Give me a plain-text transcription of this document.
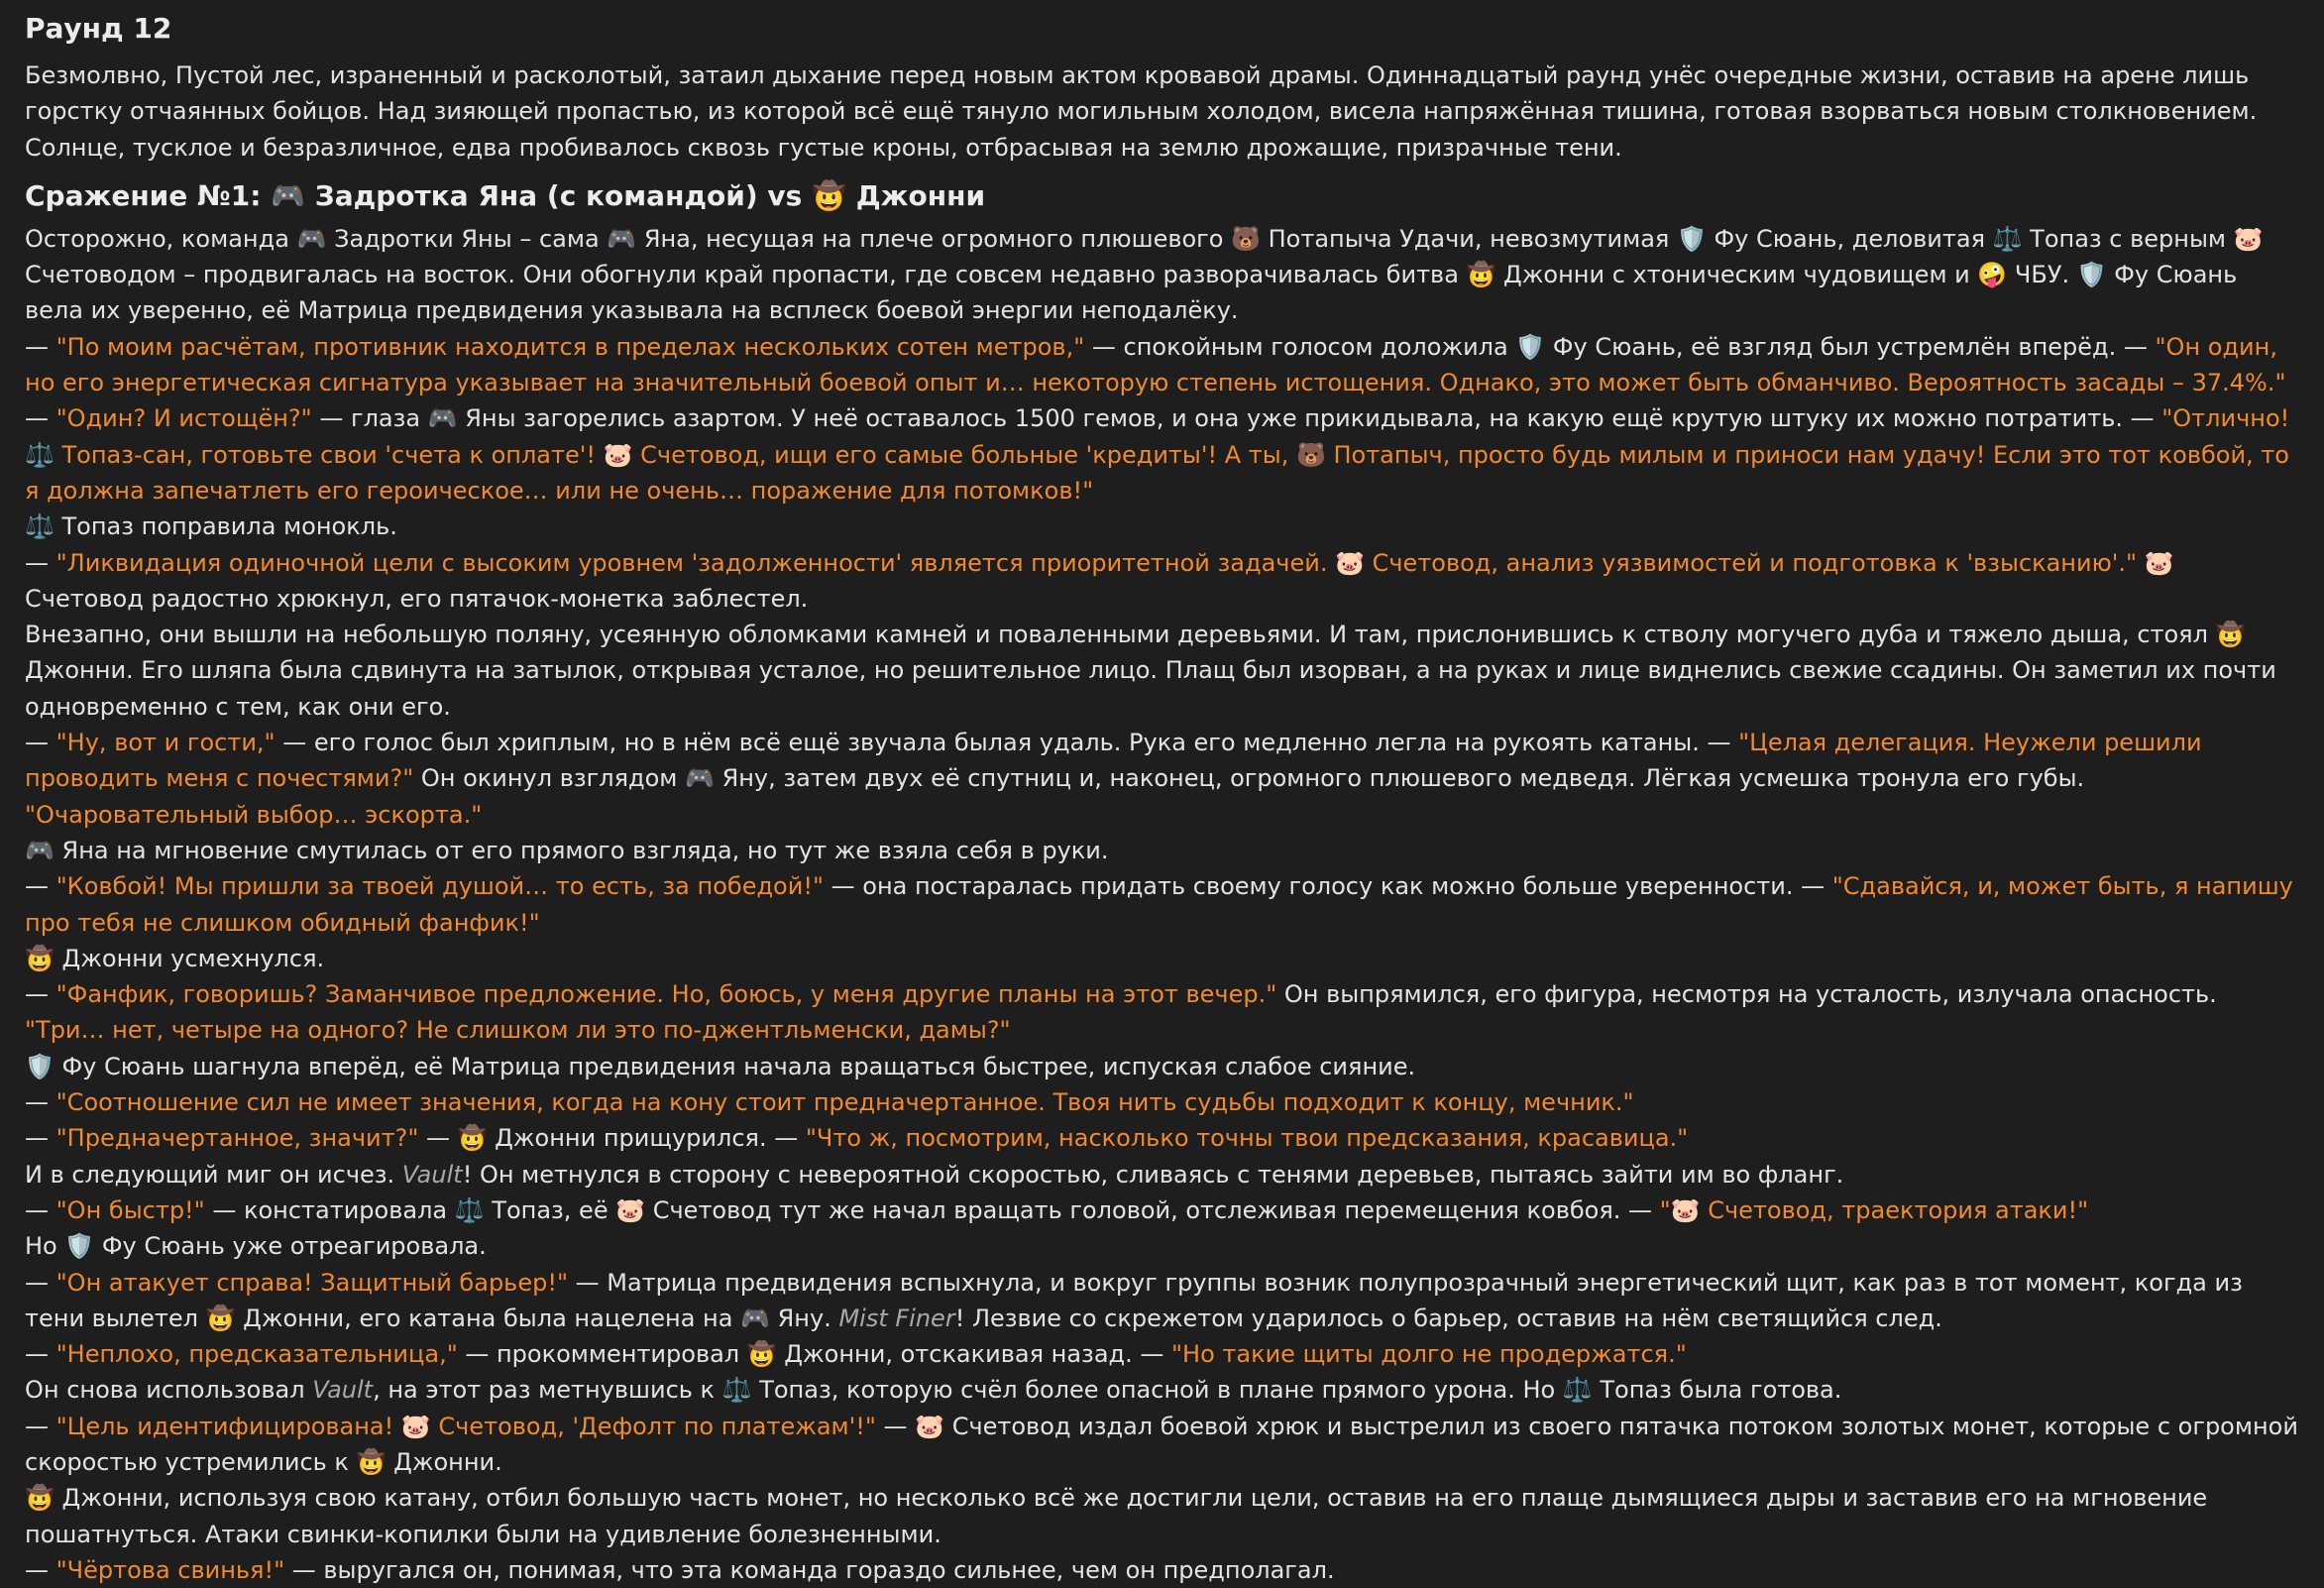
Раунд 12

Безмолвно, Пустой лес, израненный и расколотый, затаил дыхание перед новым актом кровавой драмы. Одиннадцатый раунд унёс очередные жизни, оставив на арене лишь горстку отчаянных бойцов. Над зияющей пропастью, из которой всё ещё тянуло могильным холодом, висела напряжённая тишина, готовая взорваться новым столкновением. Солнце, тусклое и безразличное, едва пробивалось сквозь густые кроны, отбрасывая на землю дрожащие, призрачные тени.

Сражение №1: 🎮 Задротка Яна (с командой) vs 🤠 Джонни
Осторожно, команда 🎮 Задротки Яны – сама 🎮 Яна, несущая на плече огромного плюшевого 🐻 Потапыча Удачи, невозмутимая 🛡️ Фу Сюань, деловитая ⚖️ Топаз с верным 🐷 Счетоводом – продвигалась на восток. Они обогнули край пропасти, где совсем недавно разворачивалась битва 🤠 Джонни с хтоническим чудовищем и 🤪 ЧБУ. 🛡️ Фу Сюань вела их уверенно, её Матрица предвидения указывала на всплеск боевой энергии неподалёку.
— "По моим расчётам, противник находится в пределах нескольких сотен метров," — спокойным голосом доложила 🛡️ Фу Сюань, её взгляд был устремлён вперёд. — "Он один, но его энергетическая сигнатура указывает на значительный боевой опыт и… некоторую степень истощения. Однако, это может быть обманчиво. Вероятность засады – 37.4%."
— "Один? И истощён?" — глаза 🎮 Яны загорелись азартом. У неё оставалось 1500 гемов, и она уже прикидывала, на какую ещё крутую штуку их можно потратить. — "Отлично! ⚖️ Топаз-сан, готовьте свои 'счета к оплате'! 🐷 Счетовод, ищи его самые больные 'кредиты'! А ты, 🐻 Потапыч, просто будь милым и приноси нам удачу! Если это тот ковбой, то я должна запечатлеть его героическое… или не очень… поражение для потомков!"
⚖️ Топаз поправила монокль.
— "Ликвидация одиночной цели с высоким уровнем 'задолженности' является приоритетной задачей. 🐷 Счетовод, анализ уязвимостей и подготовка к 'взысканию'." 🐷 Счетовод радостно хрюкнул, его пятачок-монетка заблестел.
Внезапно, они вышли на небольшую поляну, усеянную обломками камней и поваленными деревьями. И там, прислонившись к стволу могучего дуба и тяжело дыша, стоял 🤠 Джонни. Его шляпа была сдвинута на затылок, открывая усталое, но решительное лицо. Плащ был изорван, а на руках и лице виднелись свежие ссадины. Он заметил их почти одновременно с тем, как они его.
— "Ну, вот и гости," — его голос был хриплым, но в нём всё ещё звучала былая удаль. Рука его медленно легла на рукоять катаны. — "Целая делегация. Неужели решили проводить меня с почестями?" Он окинул взглядом 🎮 Яну, затем двух её спутниц и, наконец, огромного плюшевого медведя. Лёгкая усмешка тронула его губы. "Очаровательный выбор… эскорта."
🎮 Яна на мгновение смутилась от его прямого взгляда, но тут же взяла себя в руки.
— "Ковбой! Мы пришли за твоей душой… то есть, за победой!" — она постаралась придать своему голосу как можно больше уверенности. — "Сдавайся, и, может быть, я напишу про тебя не слишком обидный фанфик!"
🤠 Джонни усмехнулся.
— "Фанфик, говоришь? Заманчивое предложение. Но, боюсь, у меня другие планы на этот вечер." Он выпрямился, его фигура, несмотря на усталость, излучала опасность. "Три… нет, четыре на одного? Не слишком ли это по-джентльменски, дамы?"
🛡️ Фу Сюань шагнула вперёд, её Матрица предвидения начала вращаться быстрее, испуская слабое сияние.
— "Соотношение сил не имеет значения, когда на кону стоит предначертанное. Твоя нить судьбы подходит к концу, мечник."
— "Предначертанное, значит?" — 🤠 Джонни прищурился. — "Что ж, посмотрим, насколько точны твои предсказания, красавица."
И в следующий миг он исчез. Vault! Он метнулся в сторону с невероятной скоростью, сливаясь с тенями деревьев, пытаясь зайти им во фланг.
— "Он быстр!" — констатировала ⚖️ Топаз, её 🐷 Счетовод тут же начал вращать головой, отслеживая перемещения ковбоя. — "🐷 Счетовод, траектория атаки!"
Но 🛡️ Фу Сюань уже отреагировала.
— "Он атакует справа! Защитный барьер!" — Матрица предвидения вспыхнула, и вокруг группы возник полупрозрачный энергетический щит, как раз в тот момент, когда из тени вылетел 🤠 Джонни, его катана была нацелена на 🎮 Яну. Mist Finer! Лезвие со скрежетом ударилось о барьер, оставив на нём светящийся след.
— "Неплохо, предсказательница," — прокомментировал 🤠 Джонни, отскакивая назад. — "Но такие щиты долго не продержатся."
Он снова использовал Vault, на этот раз метнувшись к ⚖️ Топаз, которую счёл более опасной в плане прямого урона. Но ⚖️ Топаз была готова.
— "Цель идентифицирована! 🐷 Счетовод, 'Дефолт по платежам'!" — 🐷 Счетовод издал боевой хрюк и выстрелил из своего пятачка потоком золотых монет, которые с огромной скоростью устремились к 🤠 Джонни.
🤠 Джонни, используя свою катану, отбил большую часть монет, но несколько всё же достигли цели, оставив на его плаще дымящиеся дыры и заставив его на мгновение пошатнуться. Атаки свинки-копилки были на удивление болезненными.
— "Чёртова свинья!" — выругался он, понимая, что эта команда гораздо сильнее, чем он предполагал.
